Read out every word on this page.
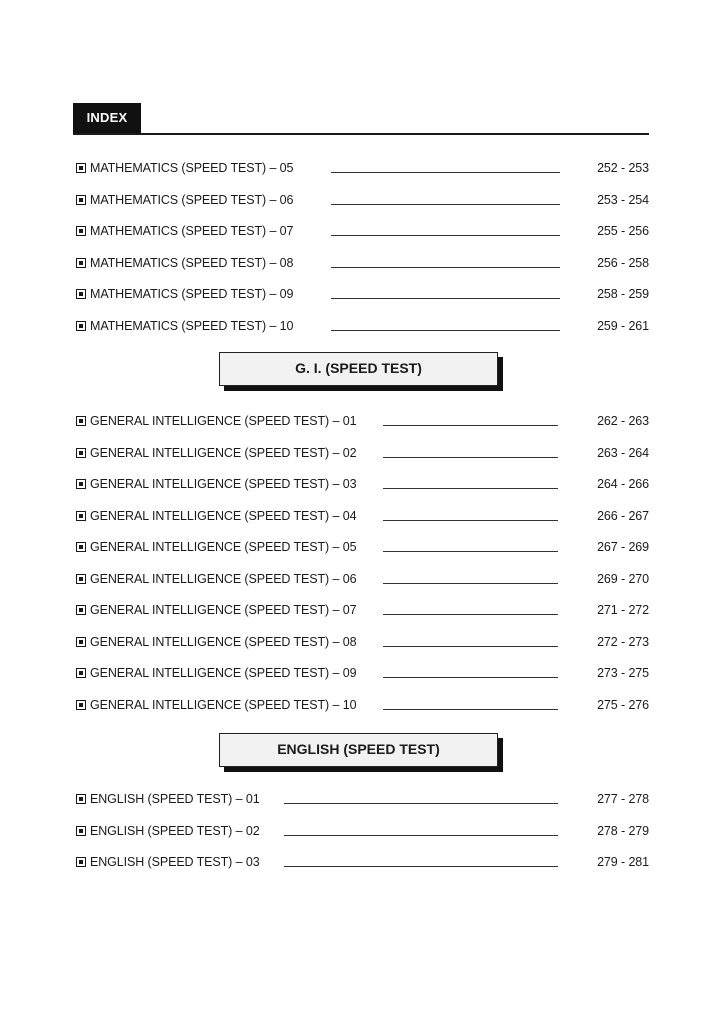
INDEX
MATHEMATICS (SPEED TEST) – 05	252 - 253
MATHEMATICS (SPEED TEST) – 06	253 - 254
MATHEMATICS (SPEED TEST) – 07	255 - 256
MATHEMATICS (SPEED TEST) – 08	256 - 258
MATHEMATICS (SPEED TEST) – 09	258 - 259
MATHEMATICS (SPEED TEST) – 10	259 - 261
G. I. (SPEED TEST)
GENERAL INTELLIGENCE (SPEED TEST) – 01	262 - 263
GENERAL INTELLIGENCE (SPEED TEST) – 02	263 - 264
GENERAL INTELLIGENCE (SPEED TEST) – 03	264 - 266
GENERAL INTELLIGENCE (SPEED TEST) – 04	266 - 267
GENERAL INTELLIGENCE (SPEED TEST) – 05	267 - 269
GENERAL INTELLIGENCE (SPEED TEST) – 06	269 - 270
GENERAL INTELLIGENCE (SPEED TEST) – 07	271 - 272
GENERAL INTELLIGENCE (SPEED TEST) – 08	272 - 273
GENERAL INTELLIGENCE (SPEED TEST) – 09	273 - 275
GENERAL INTELLIGENCE (SPEED TEST) – 10	275 - 276
ENGLISH (SPEED TEST)
ENGLISH (SPEED TEST) – 01	277 - 278
ENGLISH (SPEED TEST) – 02	278 - 279
ENGLISH (SPEED TEST) – 03	279 - 281
